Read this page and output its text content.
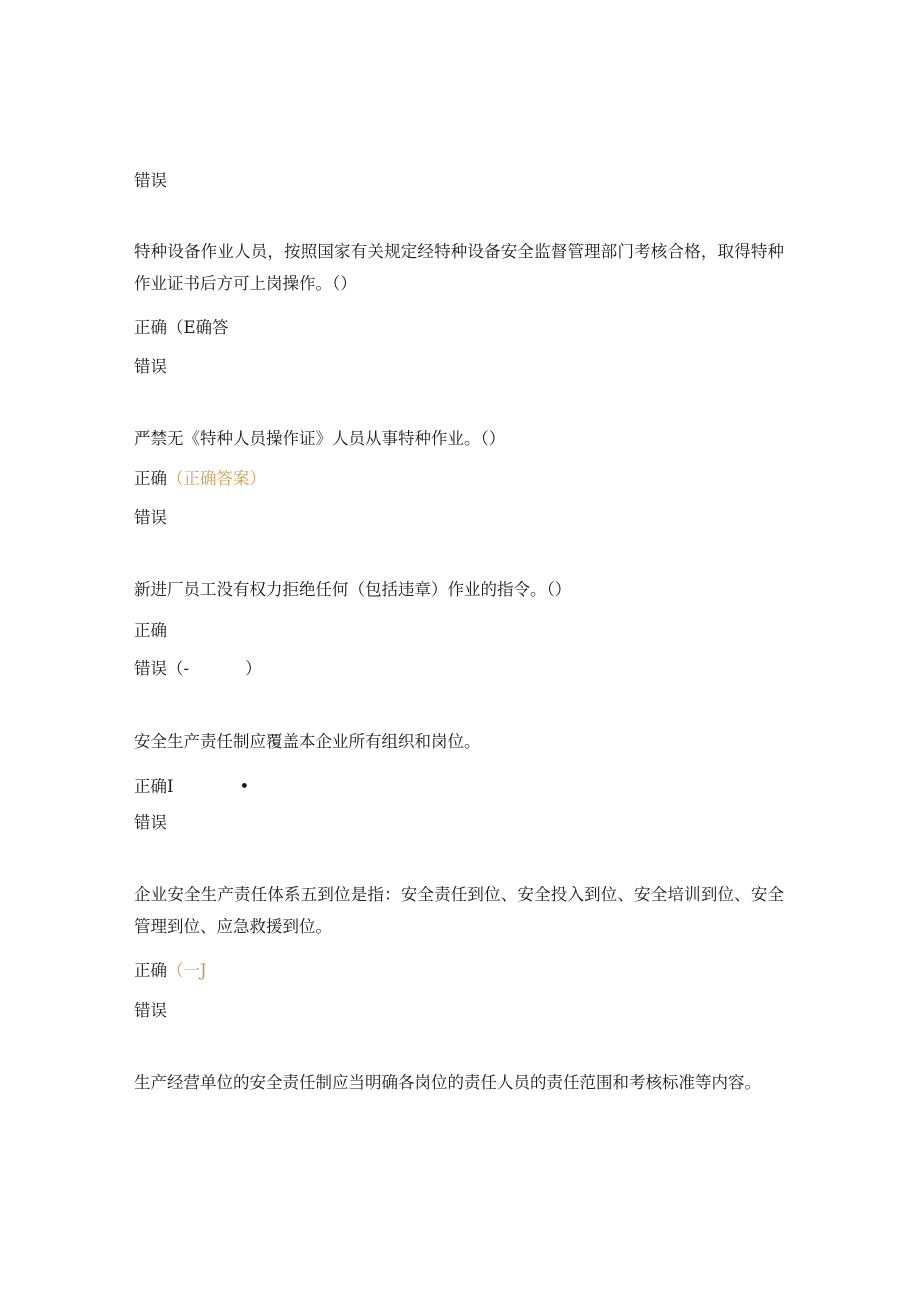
错误
特种设备作业人员，按照国家有关规定经特种设备安全监督管理部门考核合格，取得特种作业证书后方可上岗操作。（）
正确（E确答
错误
严禁无《特种人员操作证》人员从事特种作业。（）
正确（正确答案）
错误
新进厂员工没有权力拒绝任何（包括违章）作业的指令。（）
正确
错误（-	）
安全生产责任制应覆盖本企业所有组织和岗位。
正确I	•
错误
企业安全生产责任体系五到位是指：安全责任到位、安全投入到位、安全培训到位、安全管理到位、应急救援到位。
正确（一J
错误
生产经营单位的安全责任制应当明确各岗位的责任人员的责任范围和考核标准等内容。
